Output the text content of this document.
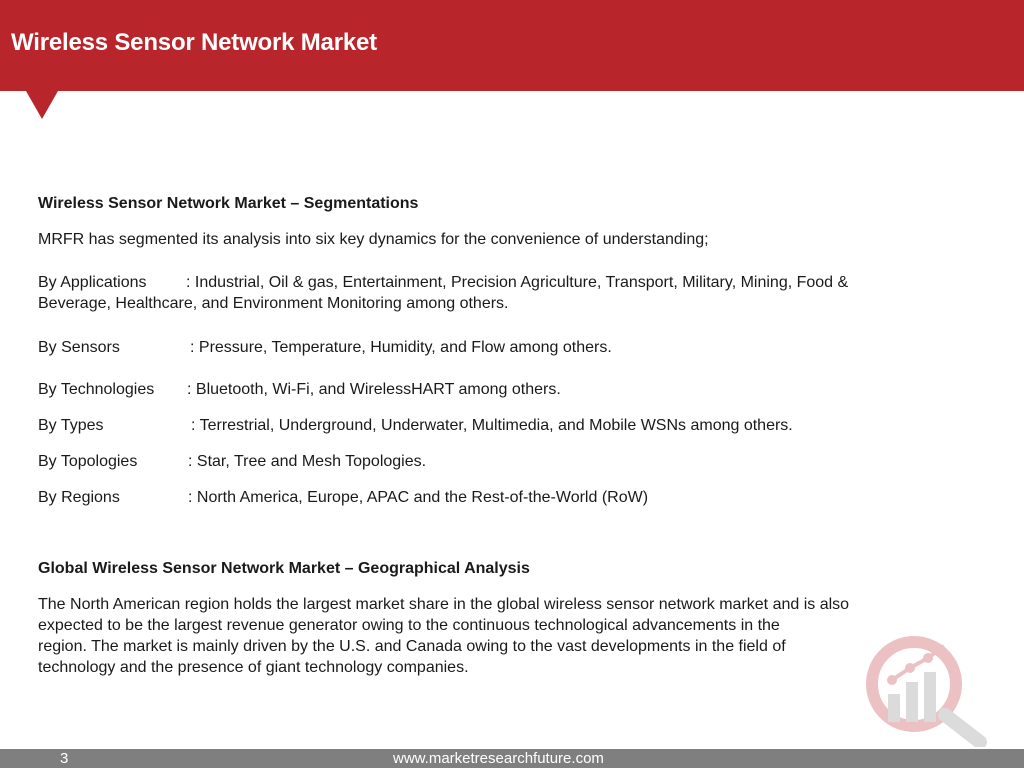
Wireless Sensor Network Market
Wireless Sensor Network Market – Segmentations
MRFR has segmented its analysis into six key dynamics for the convenience of understanding;
By Applications : Industrial, Oil & gas, Entertainment, Precision Agriculture, Transport, Military, Mining, Food &
Beverage, Healthcare, and Environment Monitoring among others.
By Sensors	: Pressure, Temperature, Humidity, and Flow among others.
By Technologies : Bluetooth, Wi-Fi, and WirelessHART among others.
By Types	: Terrestrial, Underground, Underwater, Multimedia, and Mobile WSNs among others.
By Topologies	: Star, Tree and Mesh Topologies.
By Regions	: North America, Europe, APAC and the Rest-of-the-World (RoW)
Global Wireless Sensor Network Market – Geographical Analysis
The North American region holds the largest market share in the global wireless sensor network market and is also
expected to be the largest revenue generator owing to the continuous technological advancements in the
region. The market is mainly driven by the U.S. and Canada owing to the vast developments in the field of
technology and the presence of giant technology companies.
3	www.marketresearchfuture.com
